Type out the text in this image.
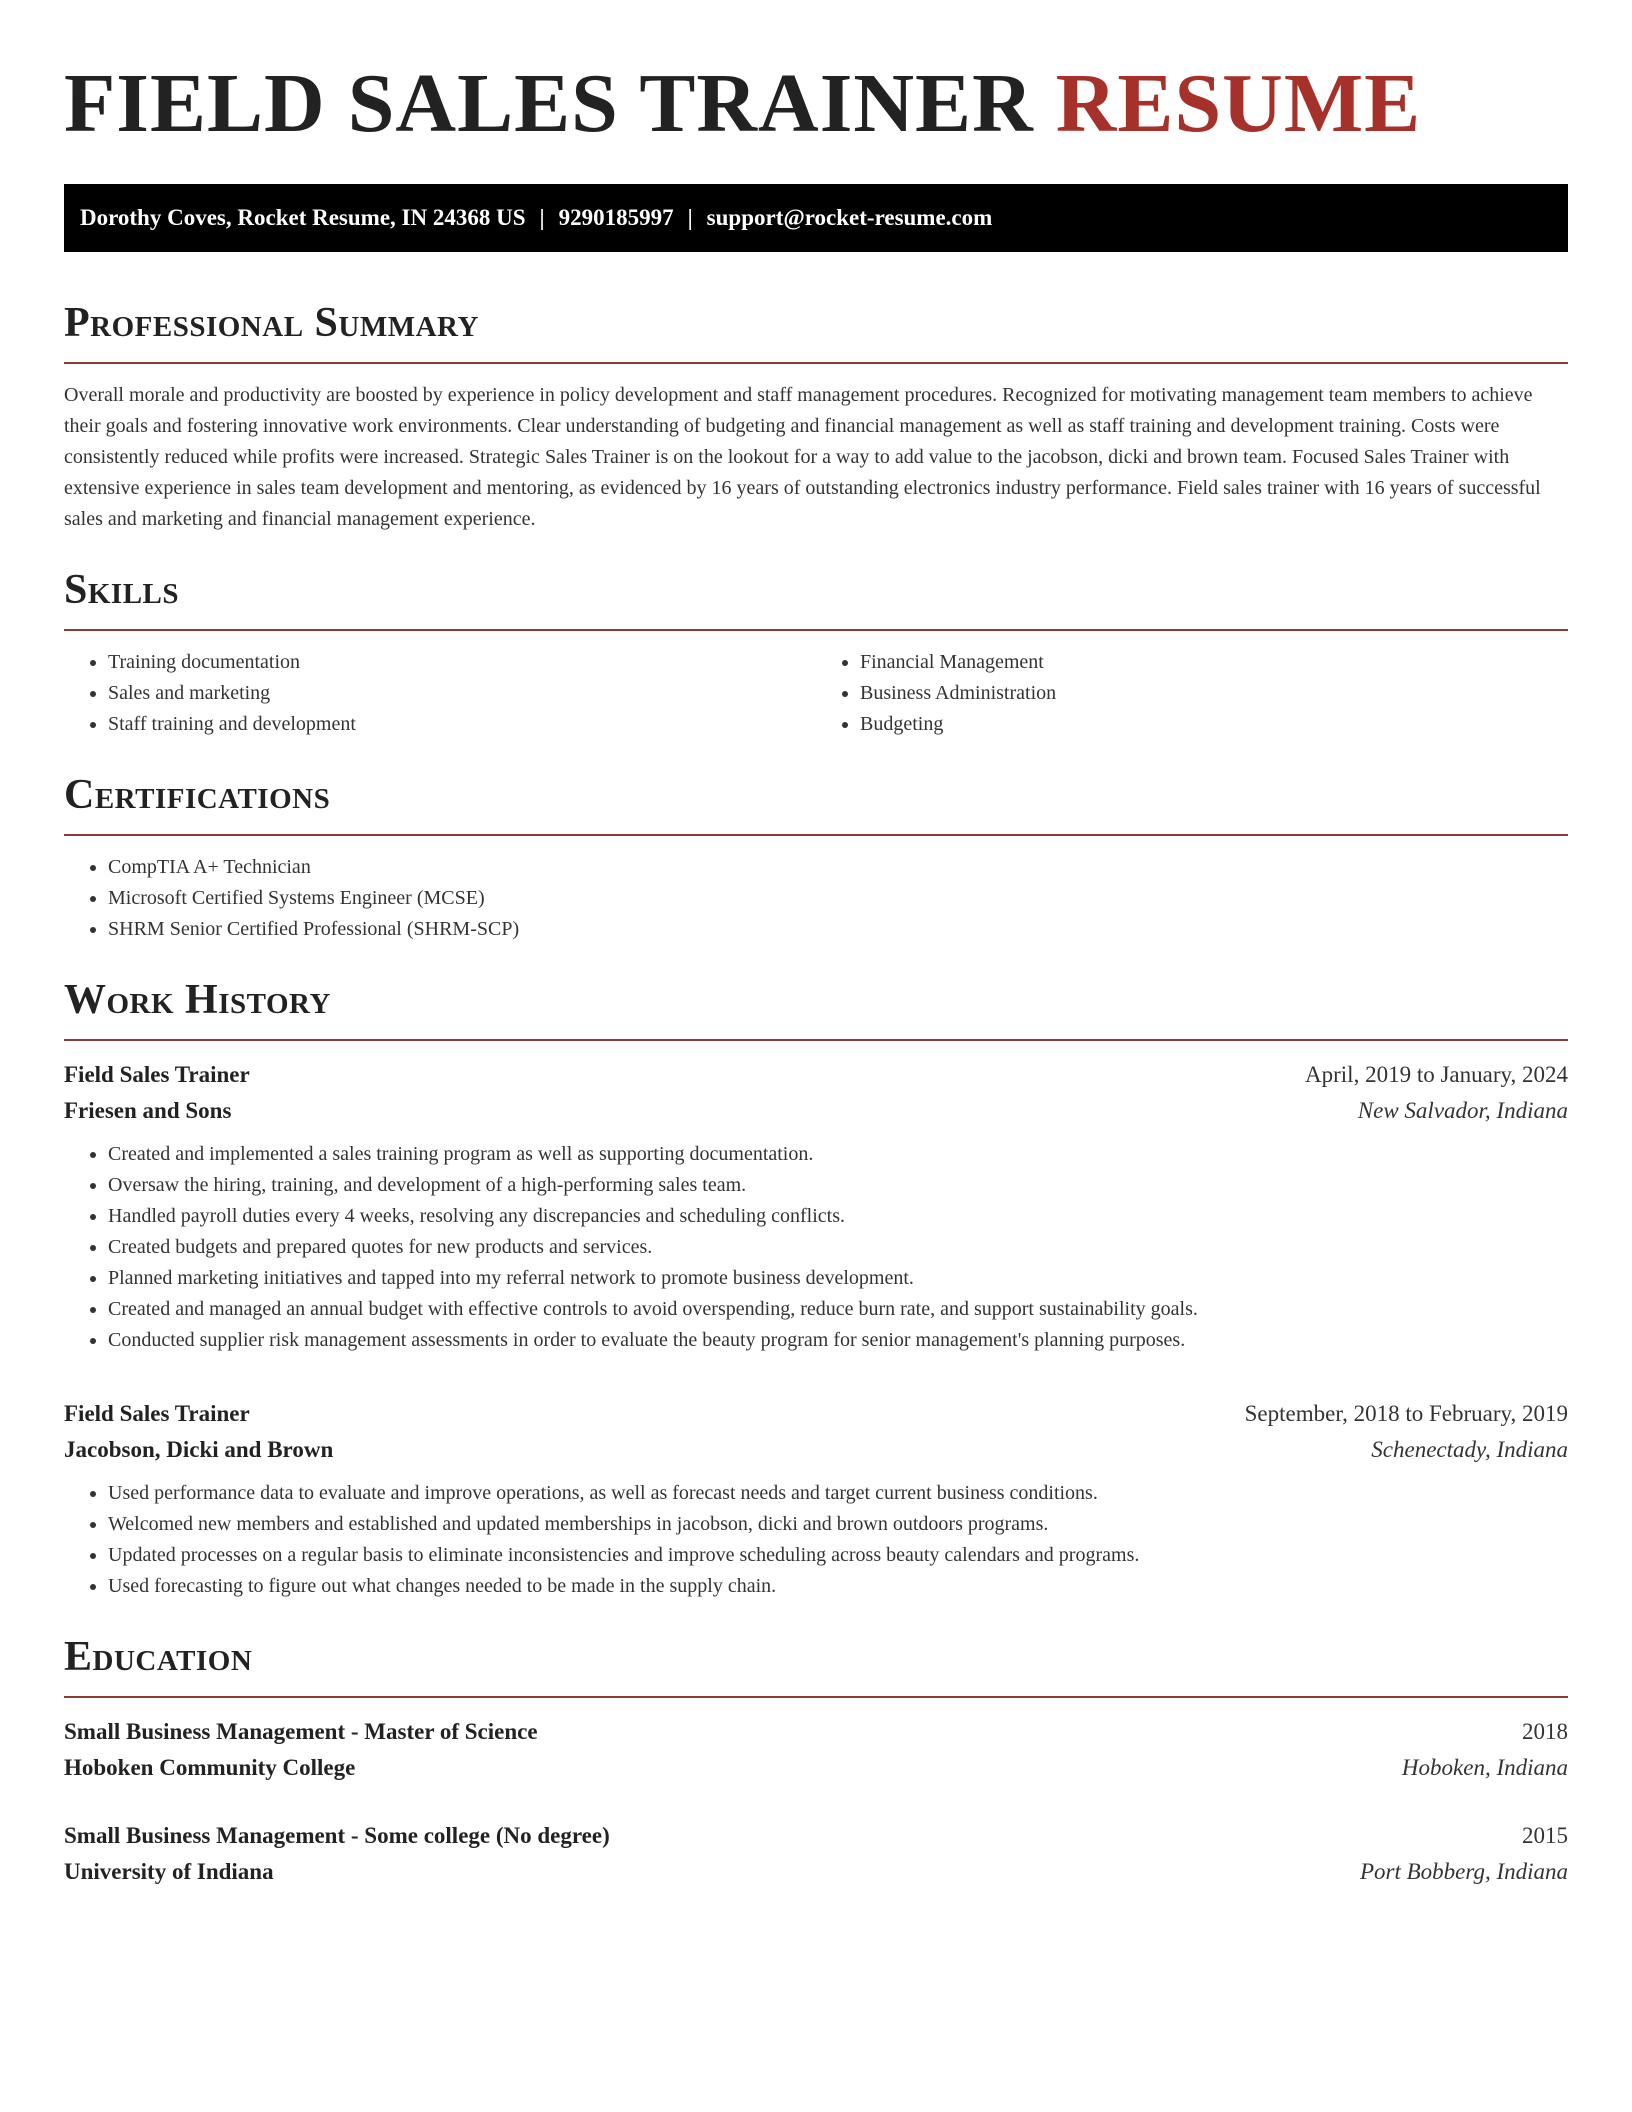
FIELD SALES TRAINER RESUME
Dorothy Coves, Rocket Resume, IN 24368 US | 9290185997 | support@rocket-resume.com
Professional Summary

Overall morale and productivity are boosted by experience in policy development and staff management procedures. Recognized for motivating management team members to achieve their goals and fostering innovative work environments. Clear understanding of budgeting and financial management as well as staff training and development training. Costs were consistently reduced while profits were increased. Strategic Sales Trainer is on the lookout for a way to add value to the jacobson, dicki and brown team. Focused Sales Trainer with extensive experience in sales team development and mentoring, as evidenced by 16 years of outstanding electronics industry performance. Field sales trainer with 16 years of successful sales and marketing and financial management experience.

Skills
• Training documentation
• Sales and marketing
• Staff training and development
• Financial Management
• Business Administration
• Budgeting
Certifications
• CompTIA A+ Technician
• Microsoft Certified Systems Engineer (MCSE)
• SHRM Senior Certified Professional (SHRM-SCP)
Work History
Field Sales Trainer	April, 2019 to January, 2024
Friesen and Sons	New Salvador, Indiana
• Created and implemented a sales training program as well as supporting documentation.
• Oversaw the hiring, training, and development of a high-performing sales team.
• Handled payroll duties every 4 weeks, resolving any discrepancies and scheduling conflicts.
• Created budgets and prepared quotes for new products and services.
• Planned marketing initiatives and tapped into my referral network to promote business development.
• Created and managed an annual budget with effective controls to avoid overspending, reduce burn rate, and support sustainability goals.
• Conducted supplier risk management assessments in order to evaluate the beauty program for senior management's planning purposes.
Field Sales Trainer	September, 2018 to February, 2019
Jacobson, Dicki and Brown	Schenectady, Indiana
• Used performance data to evaluate and improve operations, as well as forecast needs and target current business conditions.
• Welcomed new members and established and updated memberships in jacobson, dicki and brown outdoors programs.
• Updated processes on a regular basis to eliminate inconsistencies and improve scheduling across beauty calendars and programs.
• Used forecasting to figure out what changes needed to be made in the supply chain.
Education
Small Business Management - Master of Science	2018
Hoboken Community College	Hoboken, Indiana
Small Business Management - Some college (No degree)	2015
University of Indiana	Port Bobberg, Indiana
